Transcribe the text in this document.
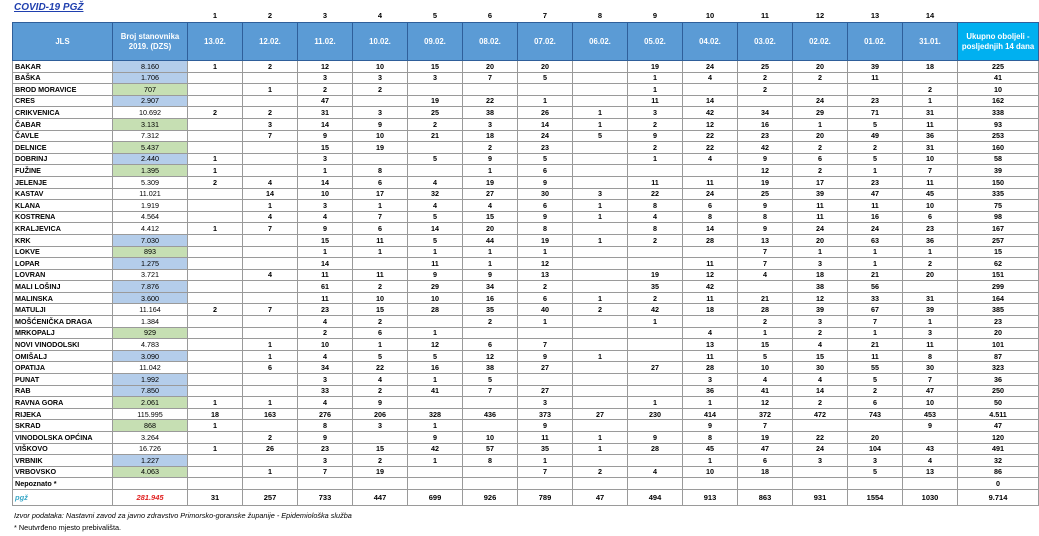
COVID-19 PGŽ
		1	2	3	4	5	6	7	8	9	10	11	12	13	14	
JLS	Broj stanovnika 2019. (DZS)	13.02.	12.02.	11.02.	10.02.	09.02.	08.02.	07.02.	06.02.	05.02.	04.02.	03.02.	02.02.	01.02.	31.01.	Ukupno oboljeli - posljednjih 14 dana
BAKAR	8.160	1	2	12	10	15	20	20		19	24	25	20	39	18	225
BAŠKA	1.706			3	3	3	7	5		1	4	2	2	11		41
BROD MORAVICE	707		1	2	2					1		2			2	10
CRES	2.907			47		19	22	1		11	14		24	23	1	162
CRIKVENICA	10.692	2	2	31	3	25	38	26	1	3	42	34	29	71	31	338
ČABAR	3.131		3	14	9	2	3	14	1	2	12	16	1	5	11	93
ČAVLE	7.312		7	9	10	21	18	24	5	9	22	23	20	49	36	253
DELNICE	5.437			15	19		2	23		2	22	42	2	2	31	160
DOBRINJ	2.440	1		3		5	9	5		1	4	9	6	5	10	58
FUŽINE	1.395	1		1	8		1	6				12	2	1	7	39
JELENJE	5.309	2	4	14	6	4	19	9		11	11	19	17	23	11	150
KASTAV	11.021		14	10	17	32	27	30	3	22	24	25	39	47	45	335
KLANA	1.919		1	3	1	4	4	6	1	8	6	9	11	11	10	75
KOSTRENA	4.564		4	4	7	5	15	9	1	4	8	8	11	16	6	98
KRALJEVICA	4.412	1	7	9	6	14	20	8		8	14	9	24	24	23	167
KRK	7.030			15	11	5	44	19	1	2	28	13	20	63	36	257
LOKVE	893			1	1	1	1	1				7	1	1	1	15
LOPAR	1.275			14		11	1	12			11	7	3	1	2	62
LOVRAN	3.721		4	11	11	9	9	13		19	12	4	18	21	20	151
MALI LOŠINJ	7.876			61	2	29	34	2		35	42		38	56		299
MALINSKA	3.600			11	10	10	16	6	1	2	11	21	12	33	31	164
MATULJI	11.164	2	7	23	15	28	35	40	2	42	18	28	39	67	39	385
MOŠĆENIČKA DRAGA	1.384			4	2		2	1		1		2	3	7	1	23
MRKOPALJ	929			2	6	1					4	1	2	1	3	20
NOVI VINODOLSKI	4.783		1	10	1	12	6	7			13	15	4	21	11	101
OMIŠALJ	3.090		1	4	5	5	12	9	1		11	5	15	11	8	87
OPATIJA	11.042		6	34	22	16	38	27		27	28	10	30	55	30	323
PUNAT	1.992			3	4	1	5				3	4	4	5	7	36
RAB	7.850			33	2	41	7	27			36	41	14	2	47	250
RAVNA GORA	2.061	1	1	4	9			3		1	1	12	2	6	10	50
RIJEKA	115.995	18	163	276	206	328	436	373	27	230	414	372	472	743	453	4.511
SKRAD	868	1		8	3	1		9			9	7			9	47
VINODOLSKA OPĆINA	3.264		2	9		9	10	11	1	9	8	19	22	20		120
VIŠKOVO	16.726	1	26	23	15	42	57	35	1	28	45	47	24	104	43	491
VRBNIK	1.227			3	2	1	8	1			1	6	3	3	4	32
VRBOVSKO	4.063		1	7	19			7	2	4	10	18		5	13	86
Nepoznato *																0
pgž	281.945	31	257	733	447	699	926	789	47	494	913	863	931	1554	1030	9.714
Izvor podataka: Nastavni zavod za javno zdravstvo Primorsko-goranske županije - Epidemiološka služba
* Neutvrđeno mjesto prebivališta.
